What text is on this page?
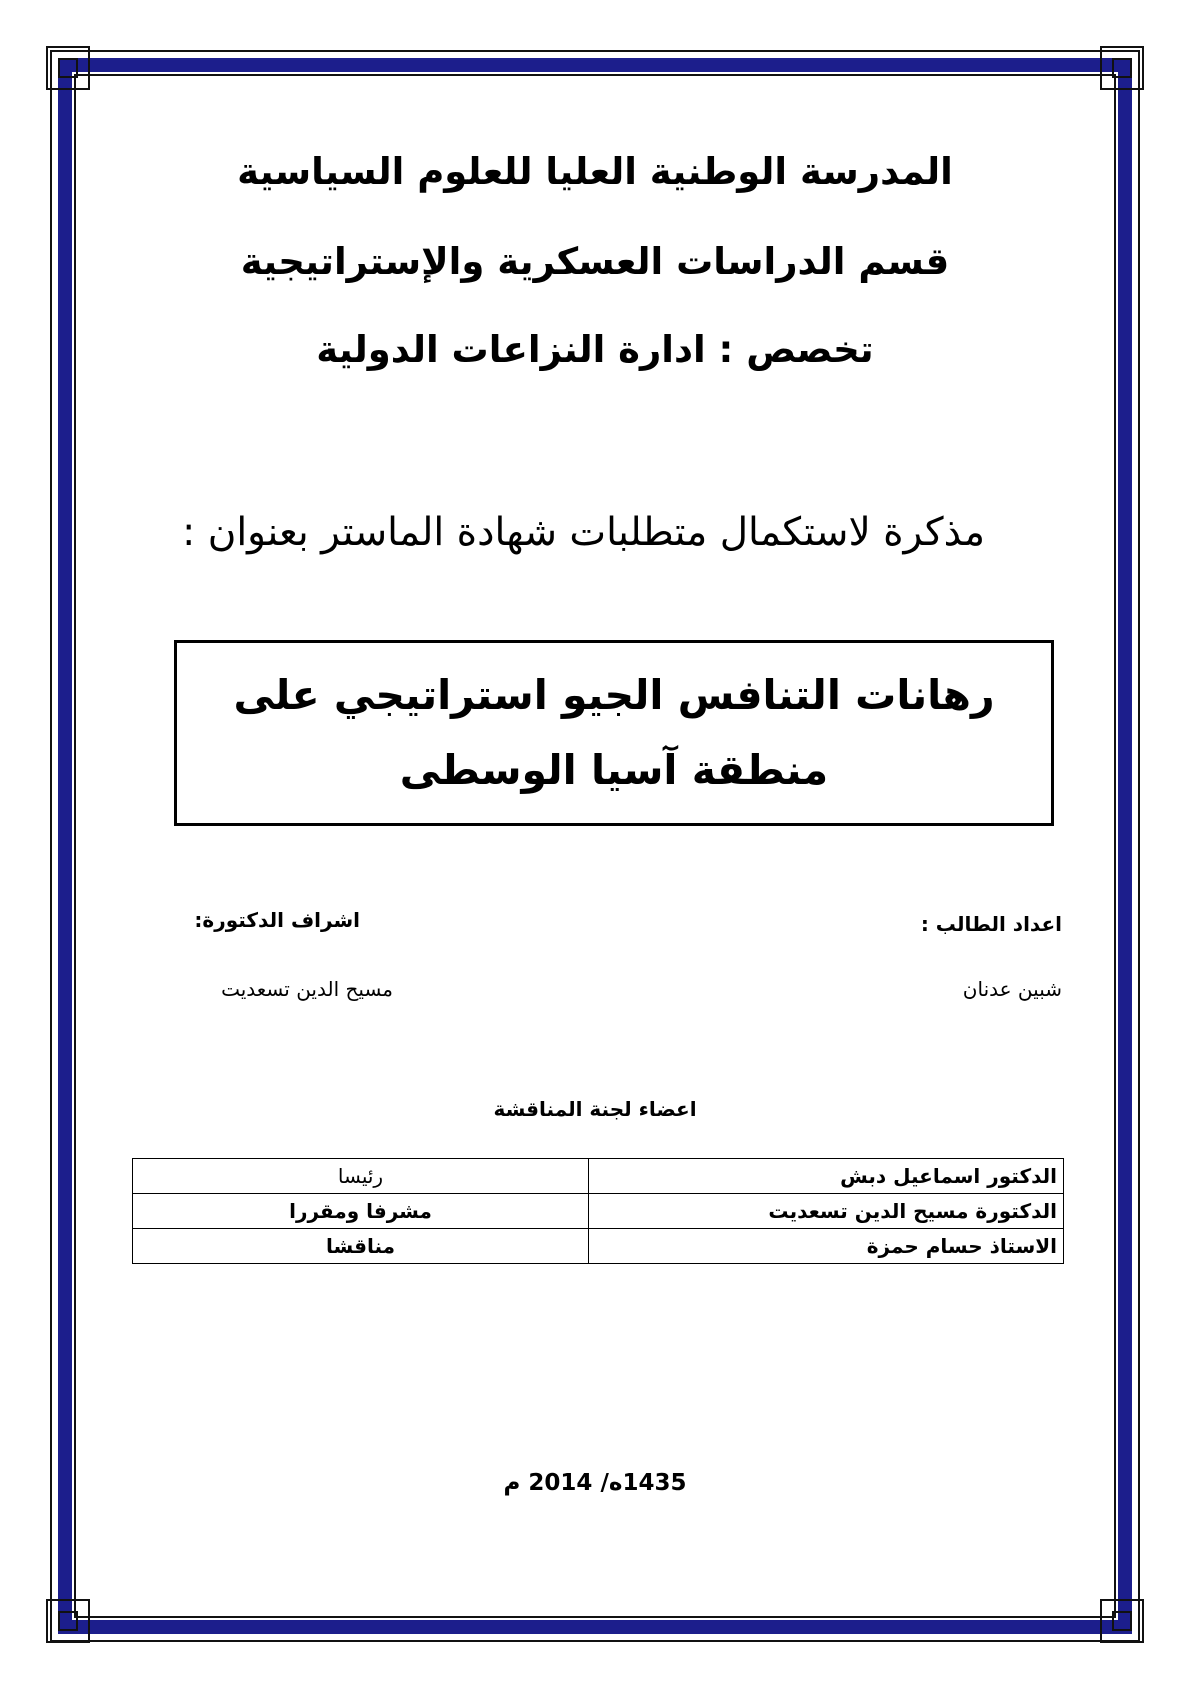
المدرسة الوطنية العليا للعلوم السياسية
قسم الدراسات العسكرية والإستراتيجية
تخصص : ادارة النزاعات الدولية
مذكرة لاستكمال متطلبات شهادة الماستر بعنوان :
رهانات التنافس الجيو استراتيجي على منطقة آسيا الوسطى
اعداد الطالب :
شبين عدنان
اشراف الدكتورة:
مسيح الدين تسعديت
اعضاء لجنة المناقشة
الدكتور اسماعيل دبش	رئيسا
الدكتورة مسيح الدين تسعديت	مشرفا ومقررا
الاستاذ حسام حمزة	مناقشا
1435ه/ 2014 م
